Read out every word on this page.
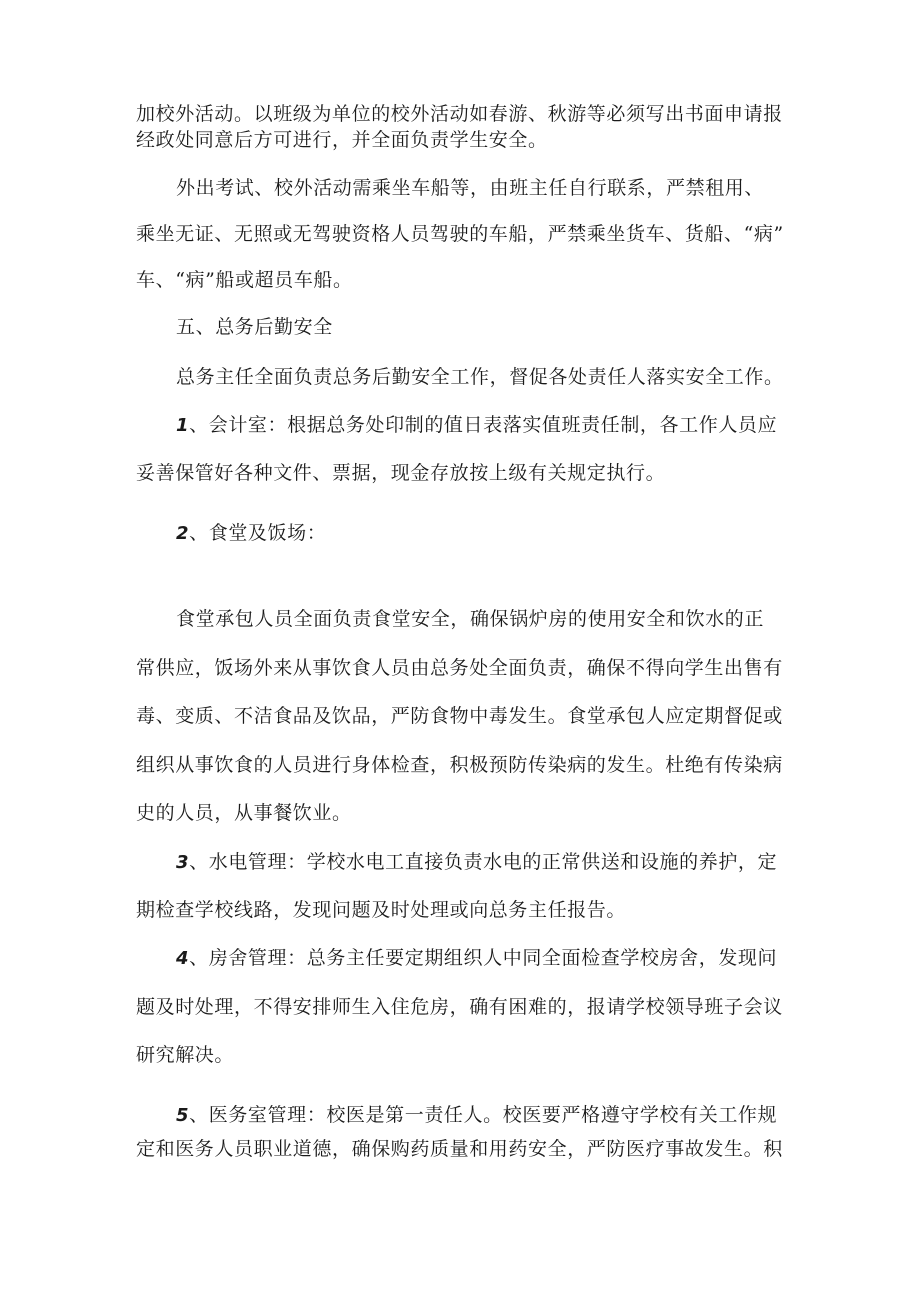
加校外活动。以班级为单位的校外活动如春游、秋游等必须写出书面申请报
经政处同意后方可进行，并全面负责学生安全。
外出考试、校外活动需乘坐车船等，由班主任自行联系，严禁租用、
乘坐无证、无照或无驾驶资格人员驾驶的车船，严禁乘坐货车、货船、“病”
车、“病”船或超员车船。
五、总务后勤安全
总务主任全面负责总务后勤安全工作，督促各处责任人落实安全工作。
1、会计室：根据总务处印制的值日表落实值班责任制，各工作人员应
妥善保管好各种文件、票据，现金存放按上级有关规定执行。
2、食堂及饭场：
食堂承包人员全面负责食堂安全，确保锅炉房的使用安全和饮水的正
常供应，饭场外来从事饮食人员由总务处全面负责，确保不得向学生出售有
毒、变质、不洁食品及饮品，严防食物中毒发生。食堂承包人应定期督促或
组织从事饮食的人员进行身体检查，积极预防传染病的发生。杜绝有传染病
史的人员，从事餐饮业。
3、水电管理：学校水电工直接负责水电的正常供送和设施的养护，定
期检查学校线路，发现问题及时处理或向总务主任报告。
4、房舍管理：总务主任要定期组织人中同全面检查学校房舍，发现问
题及时处理，不得安排师生入住危房，确有困难的，报请学校领导班子会议
研究解决。
5、医务室管理：校医是第一责任人。校医要严格遵守学校有关工作规
定和医务人员职业道德，确保购药质量和用药安全，严防医疗事故发生。积
